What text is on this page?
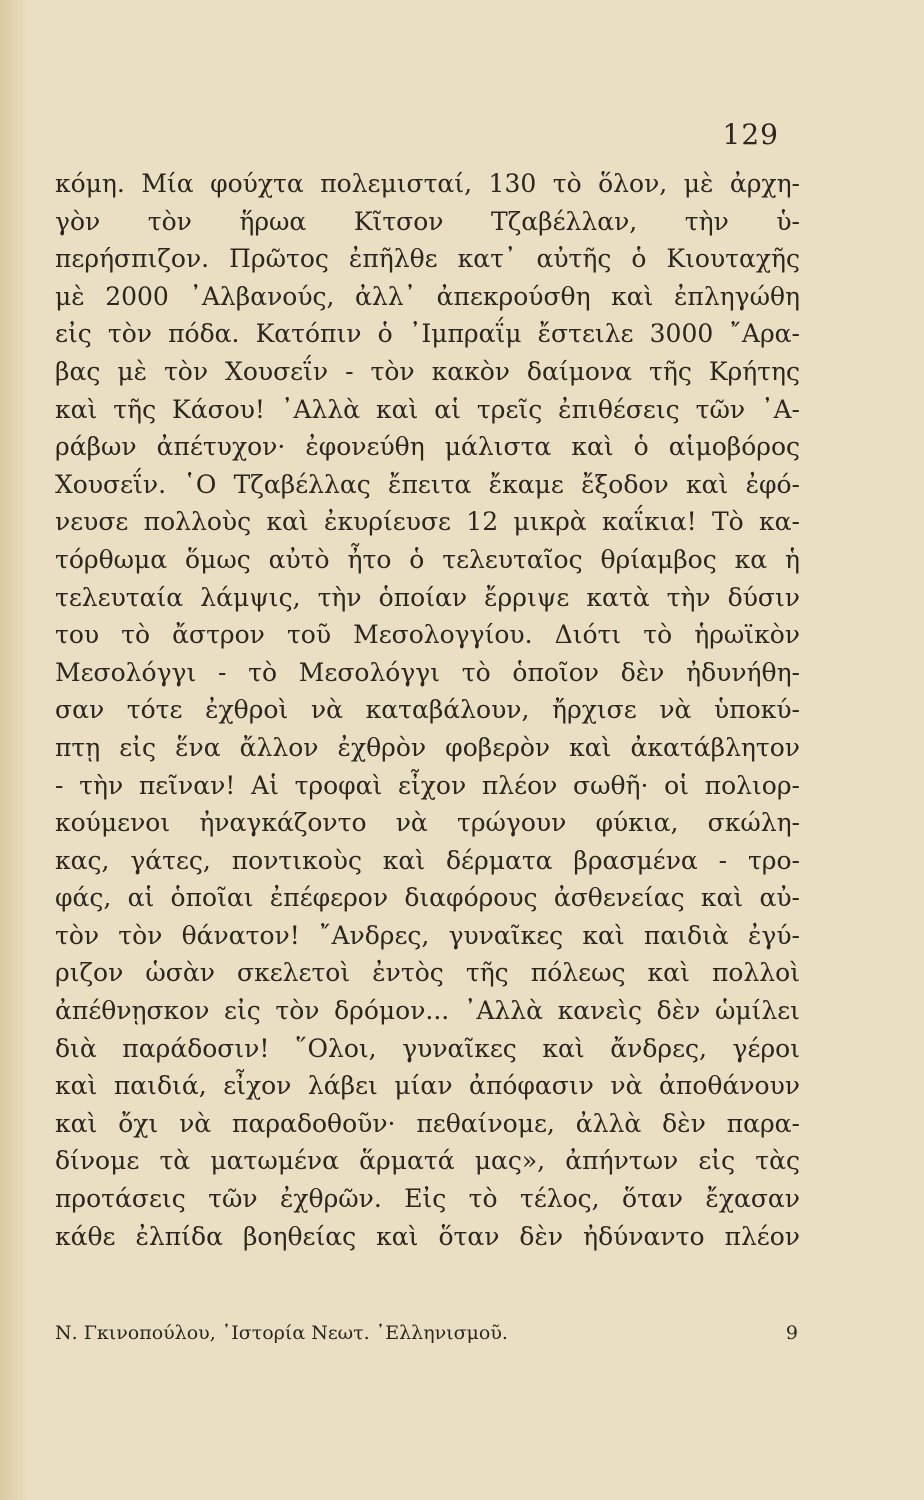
129
κόμη. Μία φούχτα πολεμισταί, 130 τὸ ὅλον, μὲ ἀρχη-
γὸν τὸν ἥρωα Κῖτσον Τζαβέλλαν, τὴν ὑ-
περήσπιζον. Πρῶτος ἐπῆλθε κατ᾽ αὐτῆς ὁ Κιουταχῆς
μὲ 2000 ᾽Αλβανούς, ἀλλ᾽ ἀπεκρούσθη καὶ ἐπληγώθη
εἰς τὸν πόδα. Κατόπιν ὁ ᾽Ιμπραΐμ ἔστειλε 3000 ῎Αρα-
βας μὲ τὸν Χουσεΐν - τὸν κακὸν δαίμονα τῆς Κρήτης
καὶ τῆς Κάσου! ᾽Αλλὰ καὶ αἱ τρεῖς ἐπιθέσεις τῶν ᾽Α-
ράβων ἀπέτυχον· ἐφονεύθη μάλιστα καὶ ὁ αἱμοβόρος
Χουσεΐν. ῾Ο Τζαβέλλας ἔπειτα ἔκαμε ἔξοδον καὶ ἐφό-
νευσε πολλοὺς καὶ ἐκυρίευσε 12 μικρὰ καΐκια! Τὸ κα-
τόρθωμα ὅμως αὐτὸ ἦτο ὁ τελευταῖος θρίαμβος κα ἡ
τελευταία λάμψις, τὴν ὁποίαν ἔρριψε κατὰ τὴν δύσιν
του τὸ ἄστρον τοῦ Μεσολογγίου. Διότι τὸ ἡρωϊκὸν
Μεσολόγγι - τὸ Μεσολόγγι τὸ ὁποῖον δὲν ἠδυνήθη-
σαν τότε ἐχθροὶ νὰ καταβάλουν, ἤρχισε νὰ ὑποκύ-
πτῃ εἰς ἕνα ἄλλον ἐχθρὸν φοβερὸν καὶ ἀκατάβλητον
- τὴν πεῖναν! Αἱ τροφαὶ εἶχον πλέον σωθῆ· οἱ πολιορ-
κούμενοι ἠναγκάζοντο νὰ τρώγουν φύκια, σκώλη-
κας, γάτες, ποντικοὺς καὶ δέρματα βρασμένα - τρο-
φάς, αἱ ὁποῖαι ἐπέφερον διαφόρους ἀσθενείας καὶ αὐ-
τὸν τὸν θάνατον! ῎Ανδρες, γυναῖκες καὶ παιδιὰ ἐγύ-
ριζον ὡσὰν σκελετοὶ ἐντὸς τῆς πόλεως καὶ πολλοὶ
ἀπέθνῃσκον εἰς τὸν δρόμον... ᾽Αλλὰ κανεὶς δὲν ὡμίλει
διὰ παράδοσιν! ῞Ολοι, γυναῖκες καὶ ἄνδρες, γέροι
καὶ παιδιά, εἶχον λάβει μίαν ἀπόφασιν νὰ ἀποθάνουν
καὶ ὄχι νὰ παραδοθοῦν· πεθαίνομε, ἀλλὰ δὲν παρα-
δίνομε τὰ ματωμένα ἅρματά μας», ἀπήντων εἰς τὰς
προτάσεις τῶν ἐχθρῶν. Εἰς τὸ τέλος, ὅταν ἔχασαν
κάθε ἐλπίδα βοηθείας καὶ ὅταν δὲν ἠδύναντο πλέον
Ν. Γκινοπούλου, ῾Ιστορία Νεωτ. ῾Ελληνισμοῦ.	9
